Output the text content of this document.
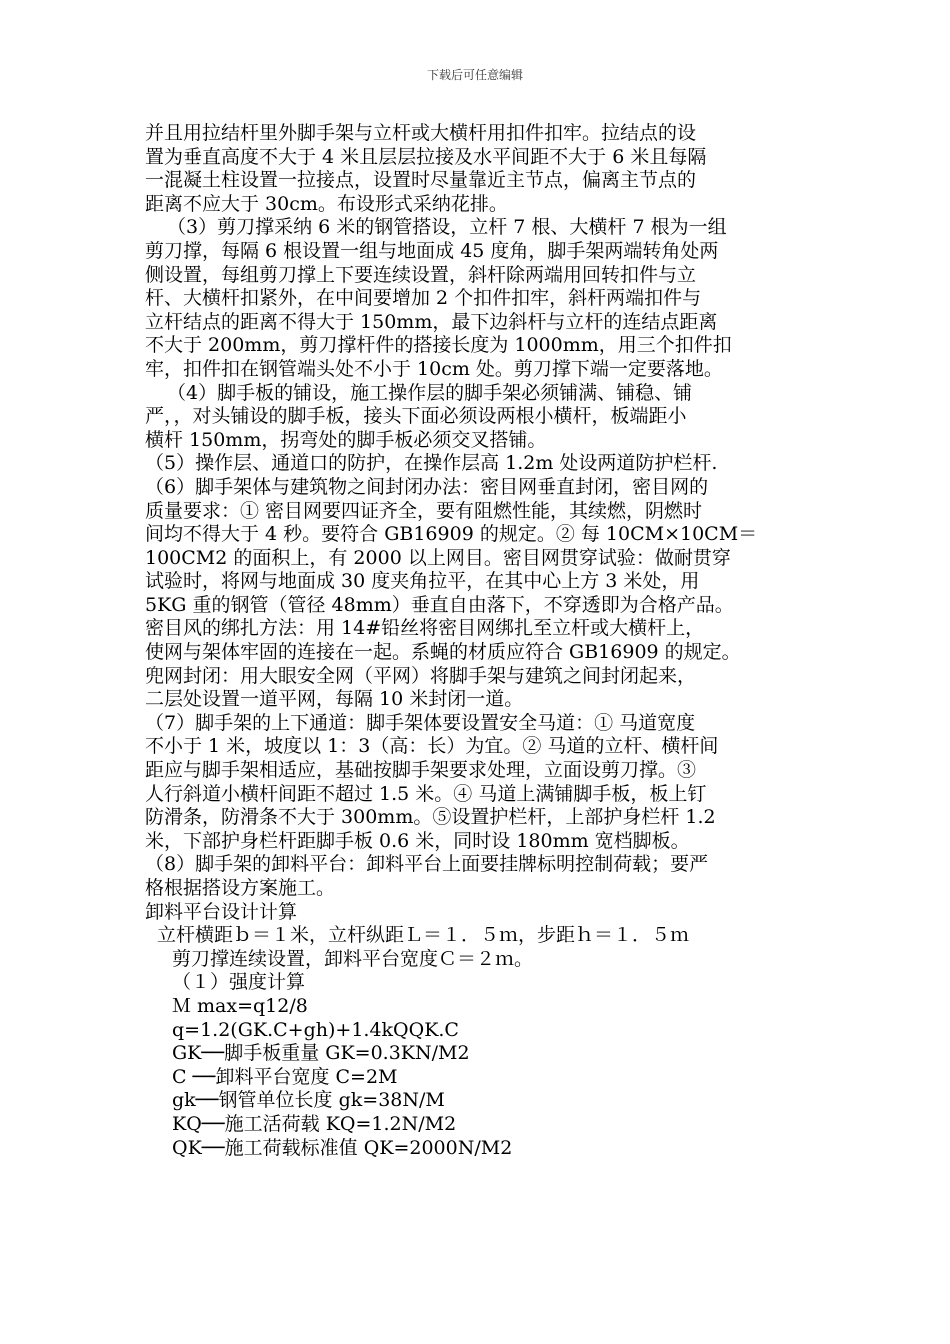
下载后可任意编辑
并且用拉结杆里外脚手架与立杆或大横杆用扣件扣牢。拉结点的设
置为垂直高度不大于 4 米且层层拉接及水平间距不大于 6 米且每隔
一混凝土柱设置一拉接点，设置时尽量靠近主节点，偏离主节点的
距离不应大于 30cm。布设形式采纳花排。
（3）剪刀撑采纳 6 米的钢管搭设，立杆 7 根、大横杆 7 根为一组
剪刀撑，每隔 6 根设置一组与地面成 45 度角，脚手架两端转角处两
侧设置，每组剪刀撑上下要连续设置，斜杆除两端用回转扣件与立
杆、大横杆扣紧外，在中间要增加 2 个扣件扣牢，斜杆两端扣件与
立杆结点的距离不得大于 150mm，最下边斜杆与立杆的连结点距离
不大于 200mm，剪刀撑杆件的搭接长度为 1000mm，用三个扣件扣
牢，扣件扣在钢管端头处不小于 10cm 处。剪刀撑下端一定要落地。
（4）脚手板的铺设，施工操作层的脚手架必须铺满、铺稳、铺
严，，对头铺设的脚手板，接头下面必须设两根小横杆，板端距小
横杆 150mm，拐弯处的脚手板必须交叉搭铺。
（5）操作层、通道口的防护，在操作层高 1.2m 处设两道防护栏杆.
（6）脚手架体与建筑物之间封闭办法：密目网垂直封闭，密目网的
质量要求：① 密目网要四证齐全，要有阻燃性能，其续燃，阴燃时
间均不得大于 4 秒。要符合 GB16909 的规定。② 每 10CM×10CM＝
100CM2 的面积上，有 2000 以上网目。密目网贯穿试验：做耐贯穿
试验时，将网与地面成 30 度夹角拉平，在其中心上方 3 米处，用
5KG 重的钢管（管径 48mm）垂直自由落下，不穿透即为合格产品。
密目风的绑扎方法：用 14#铅丝将密目网绑扎至立杆或大横杆上，
使网与架体牢固的连接在一起。系蝇的材质应符合 GB16909 的规定。
兜网封闭：用大眼安全网（平网）将脚手架与建筑之间封闭起来，
二层处设置一道平网，每隔 10 米封闭一道。
（7）脚手架的上下通道：脚手架体要设置安全马道：① 马道宽度
不小于 1 米，坡度以 1：3（高：长）为宜。② 马道的立杆、横杆间
距应与脚手架相适应，基础按脚手架要求处理，立面设剪刀撑。③
人行斜道小横杆间距不超过 1.5 米。④ 马道上满铺脚手板，板上钉
防滑条，防滑条不大于 300mm。⑤设置护栏杆，上部护身栏杆 1.2
米，下部护身栏杆距脚手板 0.6 米，同时设 180mm 宽档脚板。
（8）脚手架的卸料平台：卸料平台上面要挂牌标明控制荷载；要严
格根据搭设方案施工。
卸料平台设计计算
立杆横距ｂ＝１米，立杆纵距Ｌ＝１．５ｍ，步距ｈ＝１．５ｍ
剪刀撑连续设置，卸料平台宽度Ｃ＝２ｍ。
（１）强度计算
Ｍ max=q12/8
q=1.2(GK.C+gh)+1.4kQQK.C
GK──脚手板重量 GK=0.3KN/M2
C ──卸料平台宽度 C=2M
gk──钢管单位长度 gk=38N/M
KQ──施工活荷载 KQ=1.2N/M2
QK──施工荷载标准值 QK=2000N/M2
